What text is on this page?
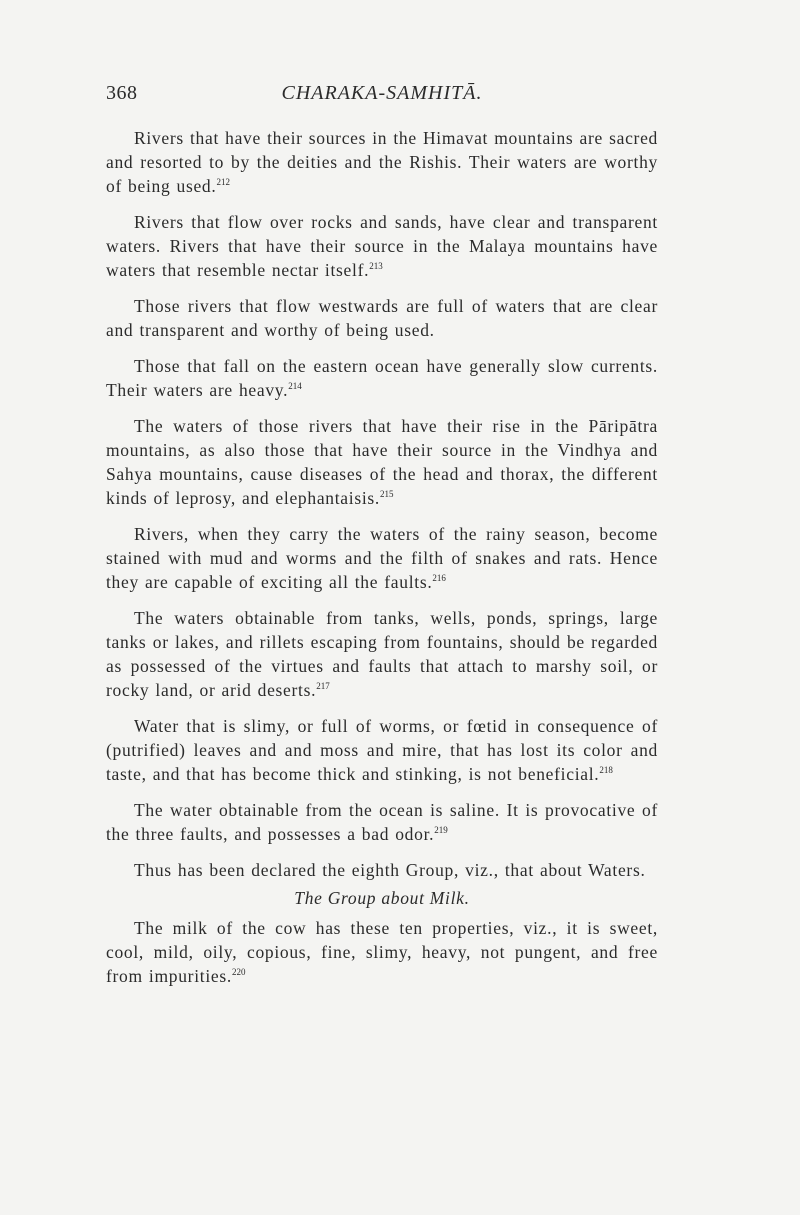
368	CHARAKA-SAMHITĀ.

Rivers that have their sources in the Himavat mountains are sacred and resorted to by the deities and the Rishis. Their waters are worthy of being used.$^{212}$

Rivers that flow over rocks and sands, have clear and transparent waters. Rivers that have their source in the Malaya mountains have waters that resemble nectar itself.$^{213}$

Those rivers that flow westwards are full of waters that are clear and transparent and worthy of being used.

Those that fall on the eastern ocean have generally slow currents. Their waters are heavy.$^{214}$

The waters of those rivers that have their rise in the Pāripātra mountains, as also those that have their source in the Vindhya and Sahya mountains, cause diseases of the head and thorax, the different kinds of leprosy, and elephantaisis.$^{215}$

Rivers, when they carry the waters of the rainy season, become stained with mud and worms and the filth of snakes and rats. Hence they are capable of exciting all the faults.$^{216}$

The waters obtainable from tanks, wells, ponds, springs, large tanks or lakes, and rillets escaping from fountains, should be regarded as possessed of the virtues and faults that attach to marshy soil, or rocky land, or arid deserts.$^{217}$

Water that is slimy, or full of worms, or fœtid in consequence of (putrified) leaves and and moss and mire, that has lost its color and taste, and that has become thick and stinking, is not beneficial.$^{218}$

The water obtainable from the ocean is saline. It is provocative of the three faults, and possesses a bad odor.$^{219}$

Thus has been declared the eighth Group, viz., that about Waters.

The Group about Milk.

The milk of the cow has these ten properties, viz., it is sweet, cool, mild, oily, copious, fine, slimy, heavy, not pungent, and free from impurities.$^{220}$
